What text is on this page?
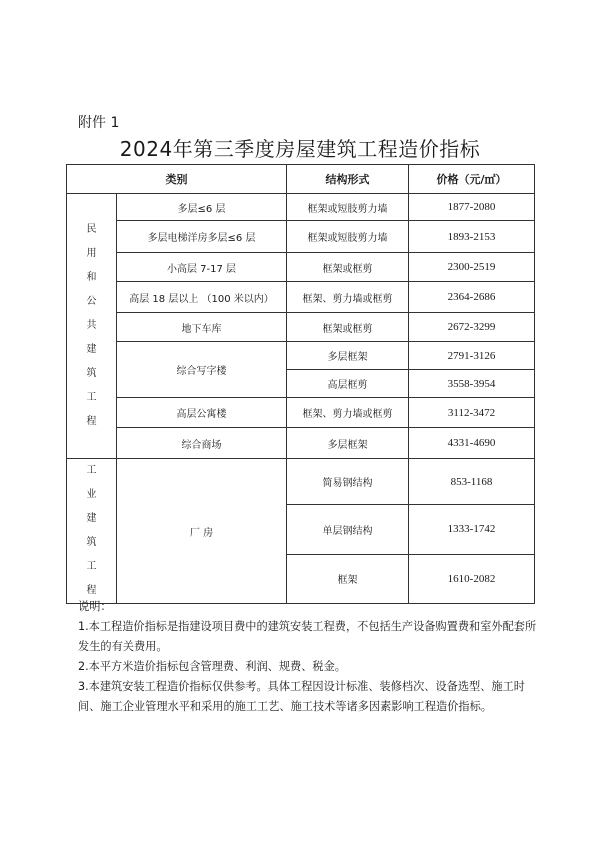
附件 1
2024年第三季度房屋建筑工程造价指标
类别		结构形式	价格（元/㎡）
民用和公共建筑工程	多层≤6 层	框架或短肢剪力墙	1877-2080
	多层电梯洋房多层≤6 层	框架或短肢剪力墙	1893-2153
	小高层 7-17 层	框架或框剪	2300-2519
	高层 18 层以上 （100 米以内）	框架、剪力墙或框剪	2364-2686
	地下车库	框架或框剪	2672-3299
	综合写字楼	多层框架	2791-3126
		高层框剪	3558-3954
	高层公寓楼	框架、剪力墙或框剪	3112-3472
	综合商场	多层框架	4331-4690
工业建筑工程	厂 房	简易钢结构	853-1168
		单层钢结构	1333-1742
		框架	1610-2082

说明：

1.本工程造价指标是指建设项目费中的建筑安装工程费，不包括生产设备购置费和室外配套所发生的有关费用。

2.本平方米造价指标包含管理费、利润、规费、税金。

3.本建筑安装工程造价指标仅供参考。具体工程因设计标准、装修档次、设备选型、施工时间、施工企业管理水平和采用的施工工艺、施工技术等诸多因素影响工程造价指标。
